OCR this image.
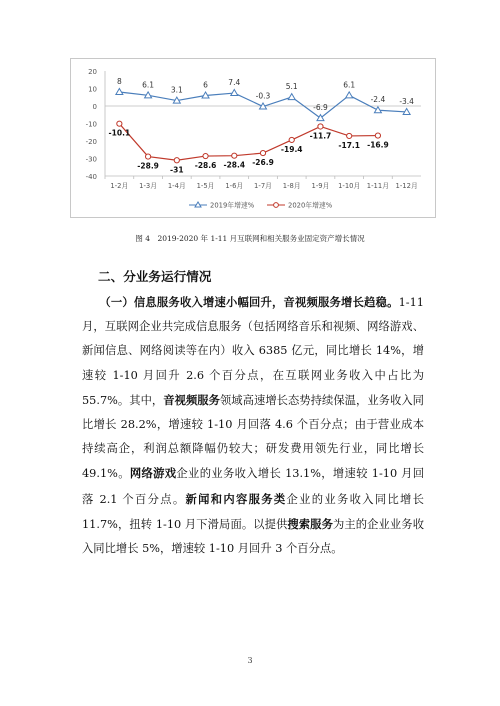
20
10
0
-10
-20
-30
-40
1-2月 1-3月 1-4月 1-5月 1-6月 1-7月 1-8月 1-9月 1-10月 1-11月 1-12月
8	6.1
3.1
6	7.4
-0.3
5.1
-6.9
6.1
-2.4 -3.4
-10.1
-28.9 -31 -28.6 -28.4 -26.9
-19.4
-11.7
-17.1 -16.9
2019年增速%	2020年增速%
图 4　2019-2020 年 1-11 月互联网和相关服务业固定资产增长情况
二、分业务运行情况
　　（一）信息服务收入增速小幅回升，音视频服务增长趋稳。1-11 月，互联网企业共完成信息服务（包括网络音乐和视频、网络游戏、新闻信息、网络阅读等在内）收入 6385 亿元，同比增长 14%，增速较 1-10 月回升 2.6 个百分点，在互联网业务收入中占比为 55.7%。其中，音视频服务领域高速增长态势持续保温，业务收入同比增长 28.2%，增速较 1-10 月回落 4.6 个百分点；由于营业成本持续高企，利润总额降幅仍较大；研发费用领先行业，同比增长 49.1%。网络游戏企业的业务收入增长 13.1%，增速较 1-10 月回落 2.1 个百分点。新闻和内容服务类企业的业务收入同比增长 11.7%，扭转 1-10 月下滑局面。以提供搜索服务为主的企业业务收入同比增长 5%，增速较 1-10 月回升 3 个百分点。
3
